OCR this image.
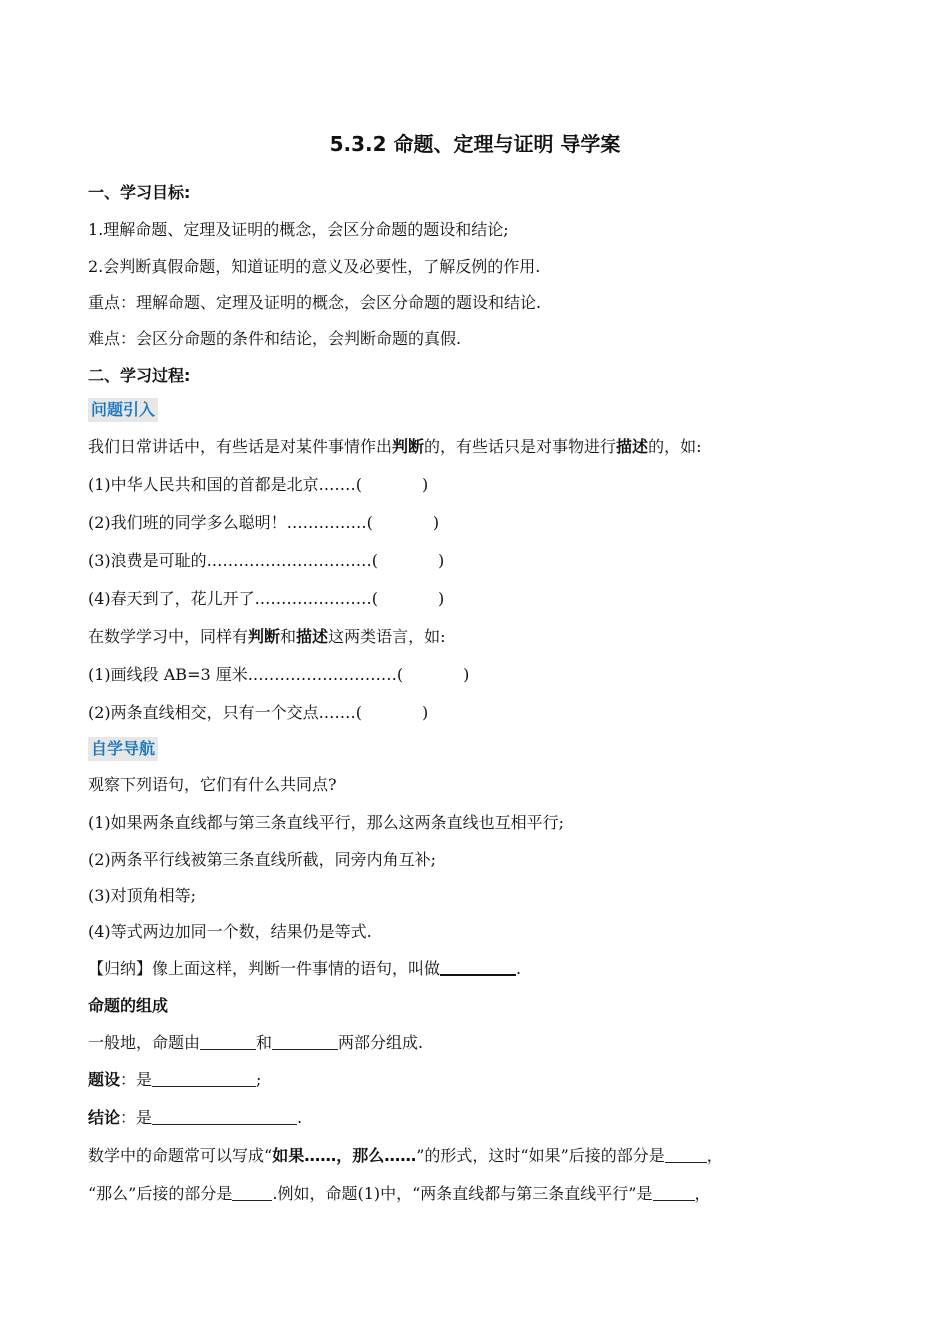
5.3.2 命题、定理与证明 导学案
一、学习目标:
1.理解命题、定理及证明的概念，会区分命题的题设和结论;
2.会判断真假命题，知道证明的意义及必要性，了解反例的作用.
重点：理解命题、定理及证明的概念，会区分命题的题设和结论.
难点：会区分命题的条件和结论，会判断命题的真假.
二、学习过程:
问题引入
我们日常讲话中，有些话是对某件事情作出判断的，有些话只是对事物进行描述的，如:
(1)中华人民共和国的首都是北京.……(	)
(2)我们班的同学多么聪明！……………(	)
(3)浪费是可耻的.…………………………(	)
(4)春天到了，花儿开了.…………………(	)
在数学学习中，同样有判断和描述这两类语言，如:
(1)画线段 AB=3 厘米.………………………(	)
(2)两条直线相交，只有一个交点.……(	)
自学导航
观察下列语句，它们有什么共同点?
(1)如果两条直线都与第三条直线平行，那么这两条直线也互相平行;
(2)两条平行线被第三条直线所截，同旁内角互补;
(3)对顶角相等;
(4)等式两边加同一个数，结果仍是等式.
【归纳】像上面这样，判断一件事情的语句，叫做	.
命题的组成
一般地，命题由	和	两部分组成.
题设：是	;
结论：是	.
数学中的命题常可以写成“如果……，那么……”的形式，这时“如果”后接的部分是	，
“那么”后接的部分是	.例如，命题(1)中，“两条直线都与第三条直线平行”是	，
